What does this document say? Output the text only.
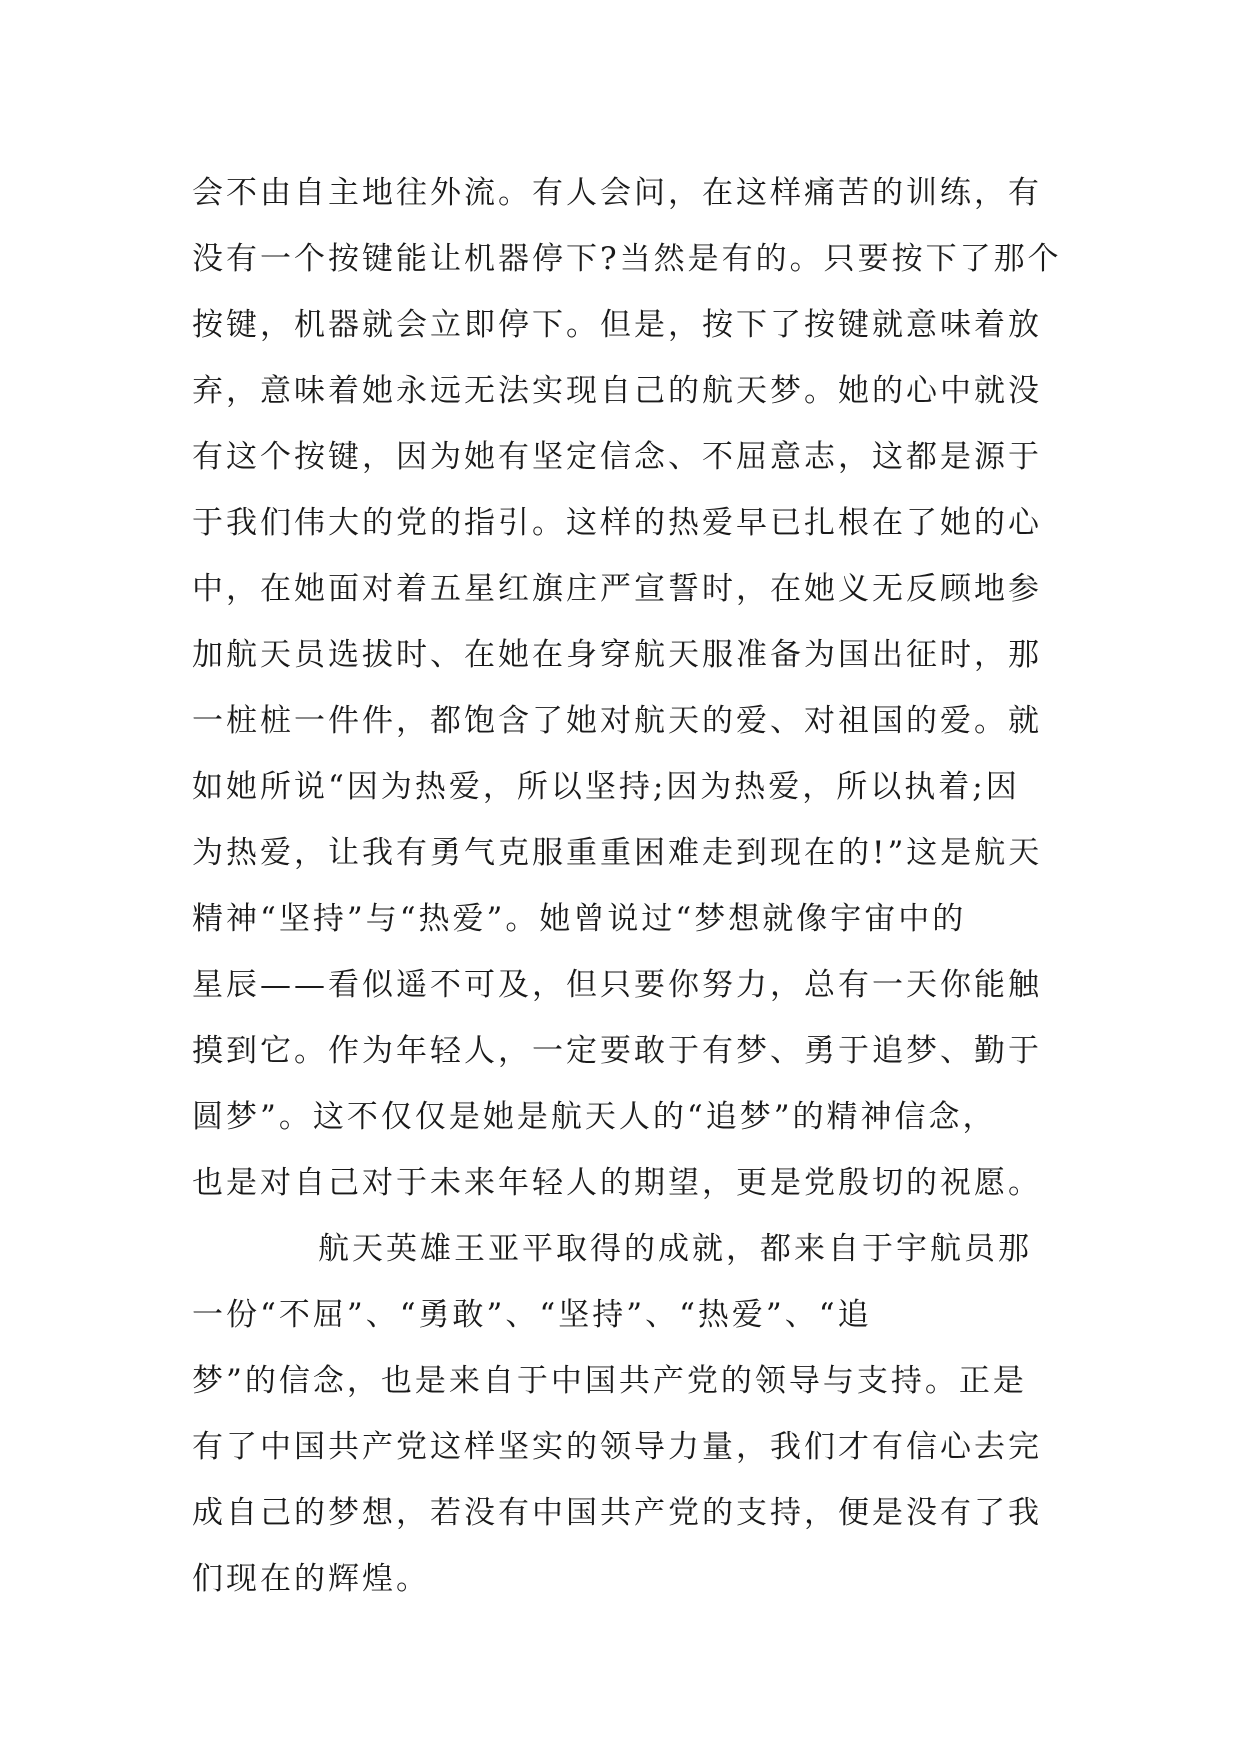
会不由自主地往外流。有人会问，在这样痛苦的训练，有
没有一个按键能让机器停下?当然是有的。只要按下了那个
按键，机器就会立即停下。但是，按下了按键就意味着放
弃，意味着她永远无法实现自己的航天梦。她的心中就没
有这个按键，因为她有坚定信念、不屈意志，这都是源于
于我们伟大的党的指引。这样的热爱早已扎根在了她的心
中，在她面对着五星红旗庄严宣誓时，在她义无反顾地参
加航天员选拔时、在她在身穿航天服准备为国出征时，那
一桩桩一件件，都饱含了她对航天的爱、对祖国的爱。就
如她所说“因为热爱，所以坚持;因为热爱，所以执着;因
为热爱，让我有勇气克服重重困难走到现在的!”这是航天
精神“坚持”与“热爱”。她曾说过“梦想就像宇宙中的
星辰——看似遥不可及，但只要你努力，总有一天你能触
摸到它。作为年轻人，一定要敢于有梦、勇于追梦、勤于
圆梦”。这不仅仅是她是航天人的“追梦”的精神信念，
也是对自己对于未来年轻人的期望，更是党殷切的祝愿。
航天英雄王亚平取得的成就，都来自于宇航员那
一份“不屈”、“勇敢”、“坚持”、“热爱”、“追
梦”的信念，也是来自于中国共产党的领导与支持。正是
有了中国共产党这样坚实的领导力量，我们才有信心去完
成自己的梦想，若没有中国共产党的支持，便是没有了我
们现在的辉煌。
